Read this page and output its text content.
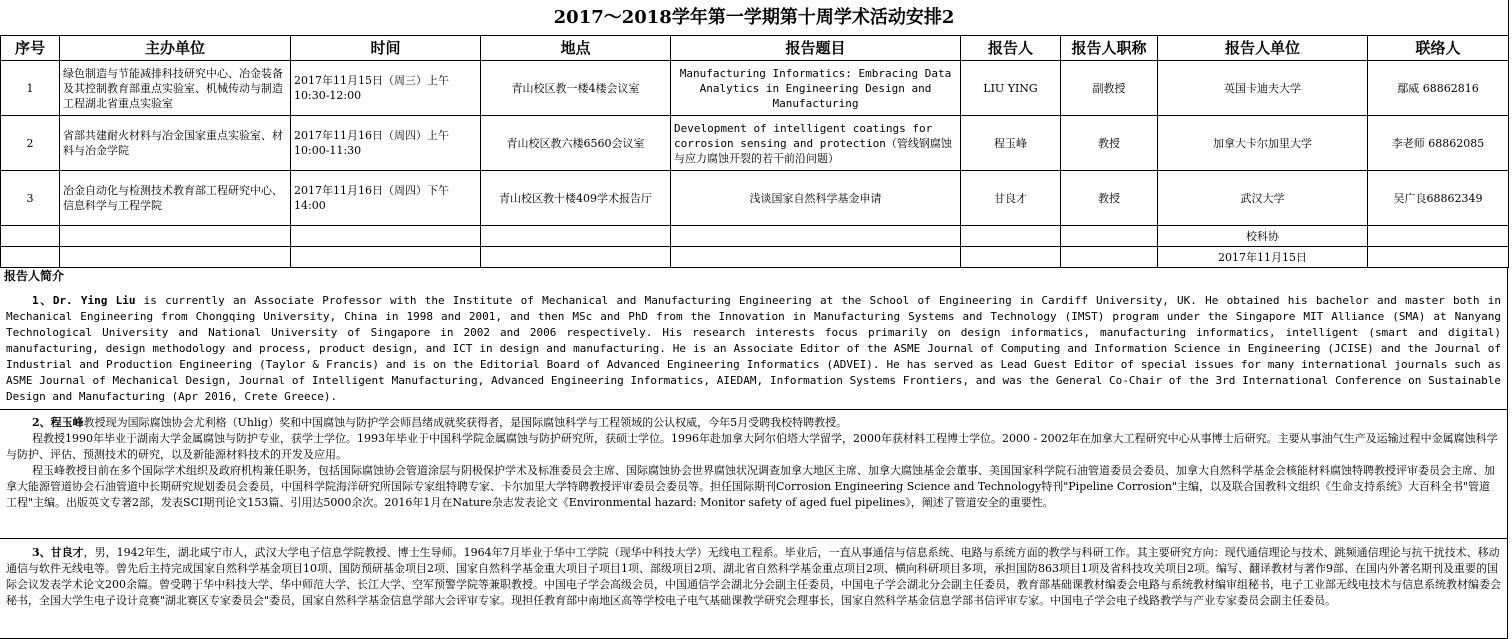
2017～2018学年第一学期第十周学术活动安排2
序号	主办单位	时间	地点	报告题目	报告人	报告人职称	报告人单位	联络人
1	绿色制造与节能减排科技研究中心、冶金装备及其控制教育部重点实验室、机械传动与制造工程湖北省重点实验室	2017年11月15日（周三）上午10:30-12:00	青山校区教一楼4楼会议室	Manufacturing Informatics: Embracing Data Analytics in Engineering Design and Manufacturing	LIU YING	副教授	英国卡迪夫大学	鄢威 68862816
2	省部共建耐火材料与冶金国家重点实验室、材料与冶金学院	2017年11月16日（周四）上午10:00-11:30	青山校区教六楼6560会议室	Development of intelligent coatings for corrosion sensing and protection（管线钢腐蚀与应力腐蚀开裂的若干前沿问题）	程玉峰	教授	加拿大卡尔加里大学	李老师 68862085
3	冶金自动化与检测技术教育部工程研究中心、信息科学与工程学院	2017年11月16日（周四）下午14:00	青山校区教十楼409学术报告厅	浅谈国家自然科学基金申请	甘良才	教授	武汉大学	吴广良68862349
							校科协	
							2017年11月15日	
报告人简介
1、Dr. Ying Liu is currently an Associate Professor with the Institute of Mechanical and Manufacturing Engineering at the School of Engineering in Cardiff University, UK. He obtained his bachelor and master both in Mechanical Engineering from Chongqing University, China in 1998 and 2001, and then MSc and PhD from the Innovation in Manufacturing Systems and Technology (IMST) program under the Singapore MIT Alliance (SMA) at Nanyang Technological University and National University of Singapore in 2002 and 2006 respectively. His research interests focus primarily on design informatics, manufacturing informatics, intelligent (smart and digital) manufacturing, design methodology and process, product design, and ICT in design and manufacturing. He is an Associate Editor of the ASME Journal of Computing and Information Science in Engineering (JCISE) and the Journal of Industrial and Production Engineering (Taylor & Francis) and is on the Editorial Board of Advanced Engineering Informatics (ADVEI). He has served as Lead Guest Editor of special issues for many international journals such as ASME Journal of Mechanical Design, Journal of Intelligent Manufacturing, Advanced Engineering Informatics, AIEDAM, Information Systems Frontiers, and was the General Co-Chair of the 3rd International Conference on Sustainable Design and Manufacturing (Apr 2016, Crete Greece).

2、程玉峰教授现为国际腐蚀协会尤利格（Uhlig）奖和中国腐蚀与防护学会师昌绪成就奖获得者，是国际腐蚀科学与工程领域的公认权威，今年5月受聘我校特聘教授。

程教授1990年毕业于湖南大学金属腐蚀与防护专业，获学士学位。1993年毕业于中国科学院金属腐蚀与防护研究所，获硕士学位。1996年赴加拿大阿尔伯塔大学留学，2000年获材料工程博士学位。2000 - 2002年在加拿大工程研究中心从事博士后研究。主要从事油气生产及运输过程中金属腐蚀科学与防护、评估、预测技术的研究，以及新能源材料技术的开发及应用。

程玉峰教授目前在多个国际学术组织及政府机构兼任职务，包括国际腐蚀协会管道涂层与阴极保护学术及标准委员会主席、国际腐蚀协会世界腐蚀状况调查加拿大地区主席、加拿大腐蚀基金会董事、美国国家科学院石油管道委员会委员、加拿大自然科学基金会核能材料腐蚀特聘教授评审委员会主席、加拿大能源管道协会石油管道中长期研究规划委员会委员，中国科学院海洋研究所国际专家组特聘专家、卡尔加里大学特聘教授评审委员会委员等。担任国际期刊Corrosion Engineering Science and Technology特刊"Pipeline Corrosion"主编，以及联合国教科文组织《生命支持系统》大百科全书"管道工程"主编。出版英文专著2部，发表SCI期刊论文153篇、引用达5000余次。2016年1月在Nature杂志发表论文《Environmental hazard: Monitor safety of aged fuel pipelines》，阐述了管道安全的重要性。

3、甘良才，男，1942年生，湖北咸宁市人，武汉大学电子信息学院教授、博士生导师。1964年7月毕业于华中工学院（现华中科技大学）无线电工程系。毕业后，一直从事通信与信息系统、电路与系统方面的教学与科研工作。其主要研究方向：现代通信理论与技术、跳频通信理论与抗干扰技术、移动通信与软件无线电等。曾先后主持完成国家自然科学基金项目10项、国防预研基金项目2项、国家自然科学基金重大项目子项目1项、部级项目2项、湖北省自然科学基金重点项目2项、横向科研项目多项，承担国防863项目1项及省科技攻关项目2项。编写、翻译教材与著作9部、在国内外著名期刊及重要的国际会议发表学术论文200余篇。曾受聘于华中科技大学、华中师范大学、长江大学、空军预警学院等兼职教授。中国电子学会高级会员，中国通信学会湖北分会副主任委员，中国电子学会湖北分会副主任委员，教育部基础课教材编委会电路与系统教材编审组秘书，电子工业部无线电技术与信息系统教材编委会秘书，全国大学生电子设计竞赛"湖北赛区专家委员会"委员，国家自然科学基金信息学部大会评审专家。现担任教育部中南地区高等学校电子电气基础课教学研究会理事长，国家自然科学基金信息学部书信评审专家。中国电子学会电子线路教学与产业专家委员会副主任委员。
